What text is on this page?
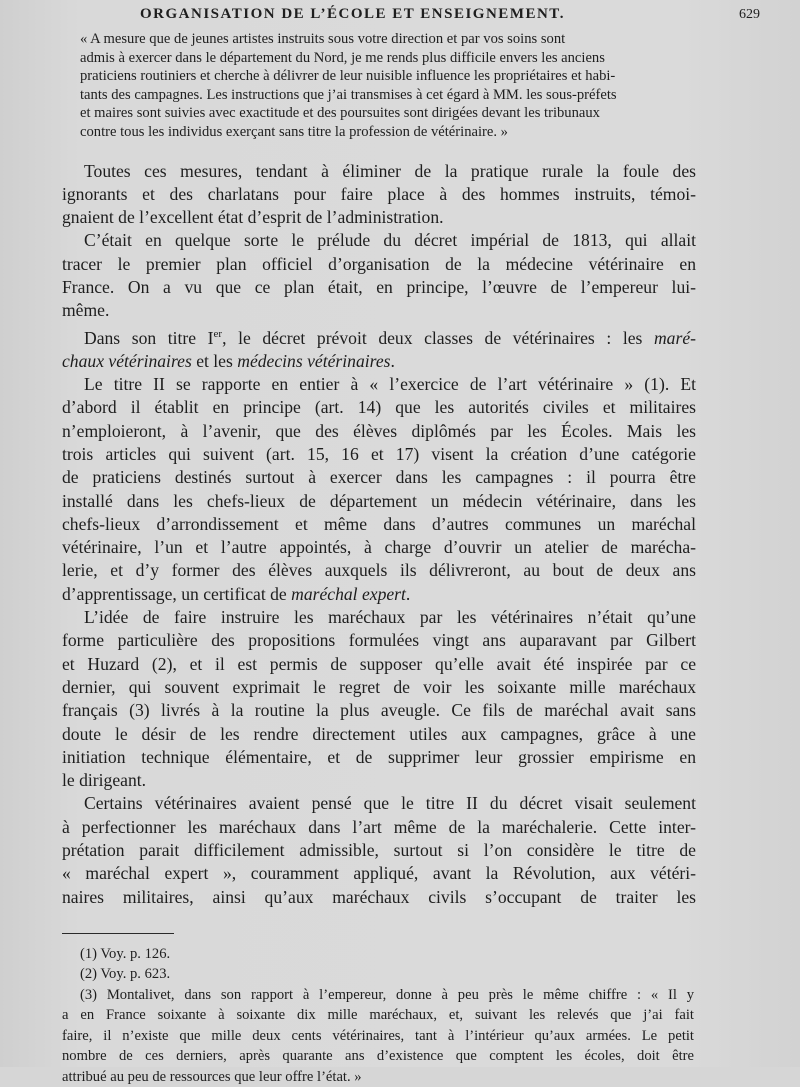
ORGANISATION DE L’ÉCOLE ET ENSEIGNEMENT.	629
« A mesure que de jeunes artistes instruits sous votre direction et par vos soins sont
admis à exercer dans le département du Nord, je me rends plus difficile envers les anciens
praticiens routiniers et cherche à délivrer de leur nuisible influence les propriétaires et habi-
tants des campagnes. Les instructions que j’ai transmises à cet égard à MM. les sous-préfets
et maires sont suivies avec exactitude et des poursuites sont dirigées devant les tribunaux
contre tous les individus exerçant sans titre la profession de vétérinaire. »
Toutes ces mesures, tendant à éliminer de la pratique rurale la foule des
ignorants et des charlatans pour faire place à des hommes instruits, témoi-
gnaient de l’excellent état d’esprit de l’administration.
C’était en quelque sorte le prélude du décret impérial de 1813, qui allait
tracer le premier plan officiel d’organisation de la médecine vétérinaire en
France. On a vu que ce plan était, en principe, l’œuvre de l’empereur lui-
même.
Dans son titre Ier, le décret prévoit deux classes de vétérinaires : les maré-
chaux vétérinaires et les médecins vétérinaires.
Le titre II se rapporte en entier à « l’exercice de l’art vétérinaire » (1). Et
d’abord il établit en principe (art. 14) que les autorités civiles et militaires
n’emploieront, à l’avenir, que des élèves diplômés par les Écoles. Mais les
trois articles qui suivent (art. 15, 16 et 17) visent la création d’une catégorie
de praticiens destinés surtout à exercer dans les campagnes : il pourra être
installé dans les chefs-lieux de département un médecin vétérinaire, dans les
chefs-lieux d’arrondissement et même dans d’autres communes un maréchal
vétérinaire, l’un et l’autre appointés, à charge d’ouvrir un atelier de maréchа-
lerie, et d’y former des élèves auxquels ils délivreront, au bout de deux ans
d’apprentissage, un certificat de maréchal expert.
L’idée de faire instruire les maréchaux par les vétérinaires n’était qu’une
forme particulière des propositions formulées vingt ans auparavant par Gilbert
et Huzard (2), et il est permis de supposer qu’elle avait été inspirée par ce
dernier, qui souvent exprimait le regret de voir les soixante mille maréchaux
français (3) livrés à la routine la plus aveugle. Ce fils de maréchal avait sans
doute le désir de les rendre directement utiles aux campagnes, grâce à une
initiation technique élémentaire, et de supprimer leur grossier empirisme en
le dirigeant.
Certains vétérinaires avaient pensé que le titre II du décret visait seulement
à perfectionner les maréchaux dans l’art même de la maréchalerie. Cette inter-
prétation parait difficilement admissible, surtout si l’on considère le titre de
« maréchal expert », couramment appliqué, avant la Révolution, aux vétéri-
naires militaires, ainsi qu’aux maréchaux civils s’occupant de traiter les
(1) Voy. p. 126.
(2) Voy. p. 623.
(3) Montalivet, dans son rapport à l’empereur, donne à peu près le même chiffre : « Il y
a en France soixante à soixante dix mille maréchaux, et, suivant les relevés que j’ai fait
faire, il n’existe que mille deux cents vétérinaires, tant à l’intérieur qu’aux armées. Le petit
nombre de ces derniers, après quarante ans d’existence que comptent les écoles, doit être
attribué au peu de ressources que leur offre l’état. »
